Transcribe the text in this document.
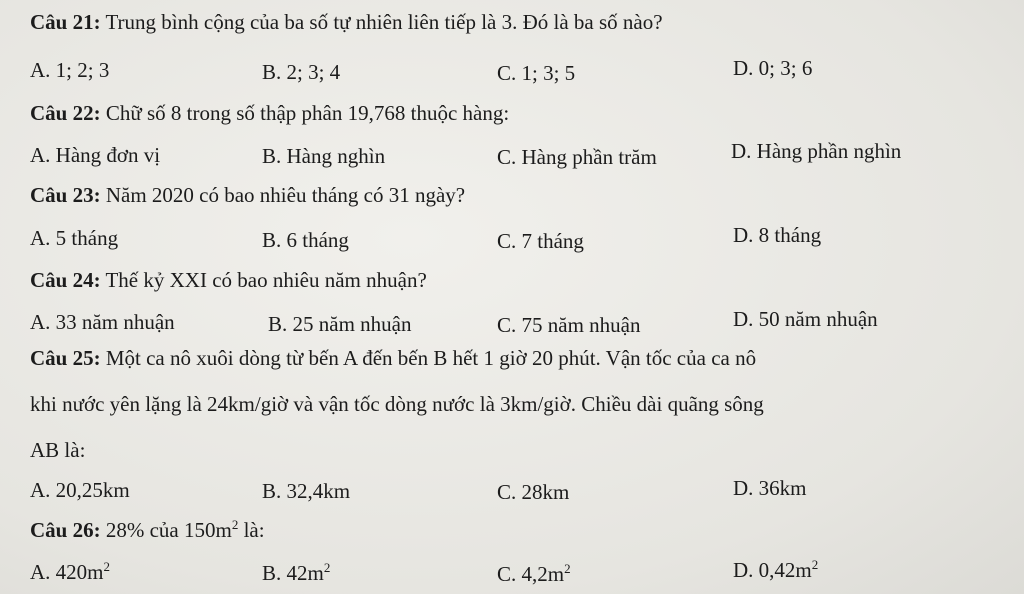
Câu 21: Trung bình cộng của ba số tự nhiên liên tiếp là 3. Đó là ba số nào?
A. 1; 2; 3	B. 2; 3; 4	C. 1; 3; 5	D. 0; 3; 6
Câu 22: Chữ số 8 trong số thập phân 19,768 thuộc hàng:
A. Hàng đơn vị	B. Hàng nghìn	C. Hàng phần trăm	D. Hàng phần nghìn
Câu 23: Năm 2020 có bao nhiêu tháng có 31 ngày?
A. 5 tháng	B. 6 tháng	C. 7 tháng	D. 8 tháng
Câu 24: Thế kỷ XXI có bao nhiêu năm nhuận?
A. 33 năm nhuận	B. 25 năm nhuận	C. 75 năm nhuận	D. 50 năm nhuận
Câu 25: Một ca nô xuôi dòng từ bến A đến bến B hết 1 giờ 20 phút. Vận tốc của ca nô
khi nước yên lặng là 24km/giờ và vận tốc dòng nước là 3km/giờ. Chiều dài quãng sông
AB là:
A. 20,25km	B. 32,4km	C. 28km	D. 36km
Câu 26: 28% của $150m^2$ là:
A. $420m^2$	B. $42m^2$	C. $4,2m^2$	D. $0,42m^2$
